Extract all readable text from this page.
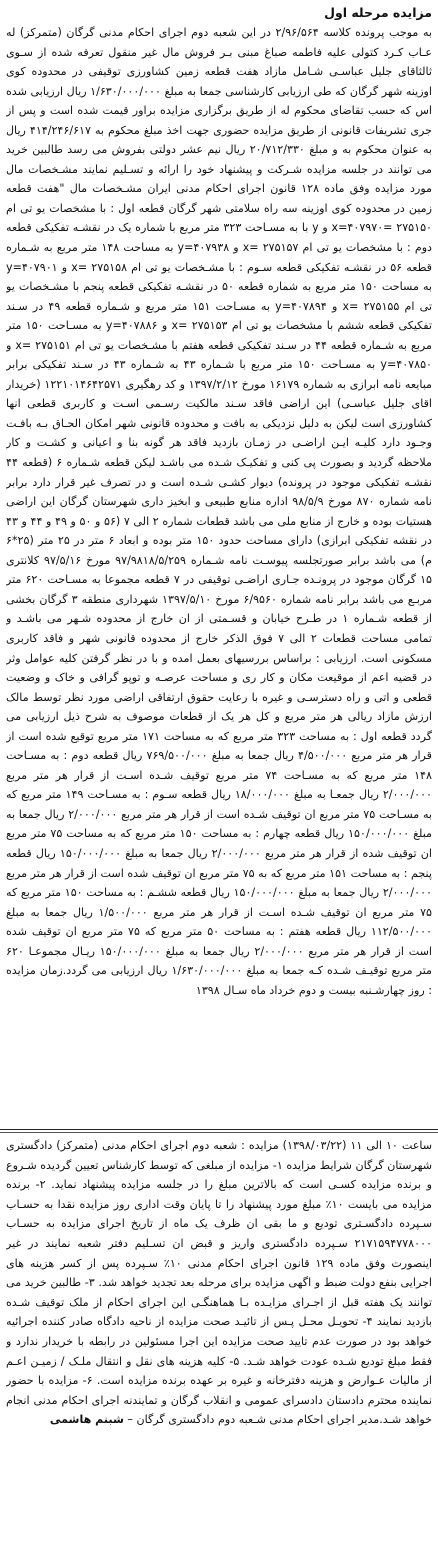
مزایده مرحله اول

به موجب پرونده کلاسه ۲/۹۶/۵۶۴ در این شعبه دوم اجرای احکام مدنی گرگان (متمرکز) له عـاب کـرد کتولی علیه فاطمه صباغ مبنی بـر فروش مال غیر منقول تعرفه شده از سـوی ثالثاقای جلیل عباسـی شـامل مازاد هفت قطعه زمین کشاورزی توقیفی در محدوده کوی اوزینه شهر گرگان که طی ارزیابی کارشناسی جمعا به مبلغ ۱/۶۳۰/۰۰۰/۰۰۰ ریال ارزیابی شده اس که حسب تقاضای محکوم له از طریق برگزاری مزایده براور قیمت شده است و پس از جری تشریفات قانونی از طریق مزایده حضوری جهت اخذ مبلغ محکوم به ۴۱۴/۲۴۶/۶۱۷ ریال به عنوان محکوم به و مبلغ ۲۰/۷۱۲/۳۳۰ ریال نیم عشر دولتی بفروش می رسد طالبین خرید می توانند در جلسه مزایده شـرکت و پیشنهاد خود را ارائه و تسـلیم نمایند مشـخصات مال مورد مزایده وفق ماده ۱۲۸ قانون اجرای احکام مدنی ایران مشـخصات مال "هفت قطعه زمین در محدوده کوی اوزینه سه راه سلامتی شهر گرگان قطعه اول : با مشخصات یو تی ام ۲۷۵۱۵۰ =x=۴۰۷۹۷۰ و y با به مسـاحت ۳۲۳ متر مربع با شماره یک در نقشـه تفکیکی قطعه دوم : با مشخصات یو تی ام ۲۷۵۱۵۷ =x و y=۴۰۷۹۳۸ به مساحت ۱۴۸ متر مربع به شـماره قطعه ۵۶ در نقشـه تفکیکی قطعه سـوم : با مشـخصات یو تی ام ۲۷۵۱۵۸ =x و y=۴۰۷۹۰۱ به مساحت ۱۵۰ متر مربع به شماره قطعه ۵۰ در نقشـه تفکیکی قطعه پنجم با مشـخصات یو تی ام ۲۷۵۱۵۵ =x و y=۴۰۷۸۹۴ به مسـاحت ۱۵۱ متر مربع و شـماره قطعه ۴۹ در سـند تفکیکی قطعه ششم با مشخصات یو تی ام ۲۷۵۱۵۳ =x و y=۴۰۷۸۸۶ به مسـاحت ۱۵۰ متر مربع به شـماره قطعه ۴۴ در سـند تفکیکی قطعه هفتم با مشـخصات یو تی ام ۲۷۵۱۵۱ =x و y=۴۰۷۸۵۰ به مسـاحت ۱۵۰ متر مربع با شـماره ۴۳ به شـماره ۴۳ در سـند تفکیکی برابر مبایعه نامه ابرازی به شماره ۱۶۱۷۹ مورخ ۱۳۹۷/۲/۱۲ و کد رهگیری ۱۲۲۱۰۱۴۶۴۲۵۷۱ (خریدار اقای جلیل عباسـی) این اراضی فاقد سـند مالکیت رسـمی اسـت و کاربری قطعی انها کشاورزی است لیکن به دلیل نزدیکی به بافت و محدوده قانونی شهر امکان الحـاق بـه بافـت وجـود دارد کلیـه ایـن اراضـی در زمـان بازدید فاقد هر گونه بنا و اعیانی و کشـت و کار ملاحظه گردید و بصورت پی کنی و تفکیـک شـده می باشـد لیکن قطعه شـماره ۶ (قطعه ۴۴ نقشـه تفکیکی موجود در پرونده) دیوار کشـی شـده است و در تصرف غیر قرار دارد برابر نامه شماره ۸۷۰ مورخ ۹۸/۵/۹ اداره منابع طبیعی و ابخیز داری شهرستان گرگان این اراضی هستیات بوده و خارج از منابع ملی می باشد قطعات شماره ۲ الی ۷ (۵۶ و ۵۰ و ۴۹ و ۴۴ و ۴۳ در نقشه تفکیکی ابرازی) دارای مساحت حدود ۱۵۰ متر بوده و ابعاد ۶ متر در ۲۵ متر (۲۵*۶ م) می باشد برابر صورتجلسه پیوسـت نامه شـماره ۹۷/۹۸۱۸/۵/۲۵۹ مورخ ۹۷/۵/۱۶ کلانتری ۱۵ گرگان موجود در پرونـده جـاری اراضـی توقیفی در ۷ قطعه مجموعا به مسـاحت ۶۲۰ متر مربـع می باشد برابر نامه شماره ۶/۹۵۶۰ مورخ ۱۳۹۷/۵/۱۰ شهرداری منطقه ۳ گرگان بخشی از قطعه شـماره ۱ در طـرح خیابان و قسـمتی از ان خارج از محدوده شـهر می باشـد و تمامی مساحت قطعات ۲ الی ۷ فوق الذکر خارج از محدوده قانونی شهر و فاقد کاربری مسکونی است. ارزیابی : براساس بررسیهای بعمل امده و با در نظر گرفتن کلیه عوامل وثر در قضیه اعم از موقیعت مکان و کار ری و مساحت عرصـه و توپو گرافی و خاک و وضعیت قطعی و اتی و راه دسترسـی و غیره با رعایت حقوق ارتفاقی اراضی مورد نظر توسط مالک ارزش مازاد ریالی هر متر مربع و کل هر یک از قطعات موصوف به شرح ذیل ارزیابی می گردد قطعه اول : به مساحت ۳۲۳ متر مربع که به مساحت ۱۷۱ متر مربع توقیع شده است از قرار هر متر مربع ۴/۵۰۰/۰۰۰ ریال جمعا به مبلغ ۷۶۹/۵۰۰/۰۰۰ ریال قطعه دوم : به مسـاحت ۱۴۸ متر مربع که به مسـاحت ۷۴ متر مربع توقیف شـده اسـت از قرار هر متر مربع ۲/۰۰۰/۰۰۰ ریال جمعـا به مبلغ ۱۸/۰۰۰/۰۰۰ ریال قطعه سـوم : به مسـاحت ۱۴۹ متر مربع که به مسـاحت ۷۵ متر مربع ان توقیف شـده است از قرار هر متر مربع ۲/۰۰۰/۰۰۰ ریال جمعا به مبلغ ۱۵۰/۰۰۰/۰۰۰ ریال قطعه چهارم : به مساحت ۱۵۰ متر مربع که به مساحت ۷۵ متر مربع ان توقیف شده از قرار هر متر مربع ۲/۰۰۰/۰۰۰ ریال جمعا به مبلغ ۱۵۰/۰۰۰/۰۰۰ ریال قطعه پنجم : به مساحت ۱۵۱ متر مربع که به ۷۵ متر مربع ان توقیف شده است از قرار هر متر مربع ۲/۰۰۰/۰۰۰ ریال جمعا به مبلغ ۱۵۰/۰۰۰/۰۰۰ ریال قطعه ششـم : به مساحت ۱۵۰ متر مربع که ۷۵ متر مربع ان توقیف شـده اسـت از قرار هر متر مربع ۱/۵۰۰/۰۰۰ ریال جمعا به مبلغ ۱۱۲/۵۰۰/۰۰۰ ریال قطعه هفتم : به مساحت ۵۰ متر مربع که ۷۵ متر مربع ان توقیف شده است از قرار هر متر مربع ۲/۰۰۰/۰۰۰ ریال جمعا به مبلغ ۱۵۰/۰۰۰/۰۰۰ ریـال مجموعـا ۶۲۰ متر مربع توقیـف شـده کـه جمعا به مبلغ ۱/۶۳۰/۰۰۰/۰۰۰ ریال ارزیابی می گردد.زمان مزایده : روز چهارشـنبه بیست و دوم خرداد ماه سـال ۱۳۹۸

ساعت ۱۰ الی ۱۱ (۱۳۹۸/۰۳/۲۲) مزایده : شعبه دوم اجرای احکام مدنی (متمرکز) دادگستری شهرستان گرگان شرایط مزایده ۱- مزایده از مبلغی که توسط کارشناس تعیین گردیده شـروع و برنده مزایده کسـی است که بالاترین مبلغ را در جلسه مزایده پیشنهاد نماید. ۲- برنده مزایده می بایست ۱۰٪ مبلغ مورد پیشنهاد را تا پایان وقت اداری روز مزایده نقدا به حسـاب سـپرده دادگسـتری تودیع و ما بقی ان ظرف یک ماه از تاریخ اجرای مزایده به حسـاب ۲۱۷۱۵۹۴۷۷۸۰۰۰ سـپرده دادگستری واریز و قبض ان تسـلیم دفتر شعبه نمایند در غیر اینصورت وفق ماده ۱۲۹ قانون اجرای احکام مدنی ۱۰٪ سـپرده پس از کسر هزینه های اجرایی بنفع دولت ضبط و اگهی مزایده برای مرحله بعد تجدید خواهد شد. ۳- طالبین خرید می توانند یک هفته قبل از اجـرای مزایـده بـا هماهنگـی این اجرای احکام از ملک توقیف شـده بازدید نمایند ۴- تحویـل محـل پـس از تائیـد صحت مزایده از ناحیه دادگاه صادر کننده اجرائیه خواهد بود در صورت عدم تایید صحت مزایده این اجرا مسئولین در رابطه با خریدار ندارد و فقط مبلغ تودیع شـده عودت خواهد شـد. ۵- کلیه هزینه های نقل و انتقال ملـک / زمیـن اعـم از مالیات عـوارض و هزینه دفترخانه و غیره بر عهده برنده مزایده است. ۶- مزایده با حضور نماینده محترم دادستان دادسرای عمومی و انقلاب گرگان و تمایندنه اجرای احکام مدنی انجام خواهد شـد.مدیر اجرای احکام مدنی شـعبه دوم دادگستری گرگان – شبنم هاشمی
